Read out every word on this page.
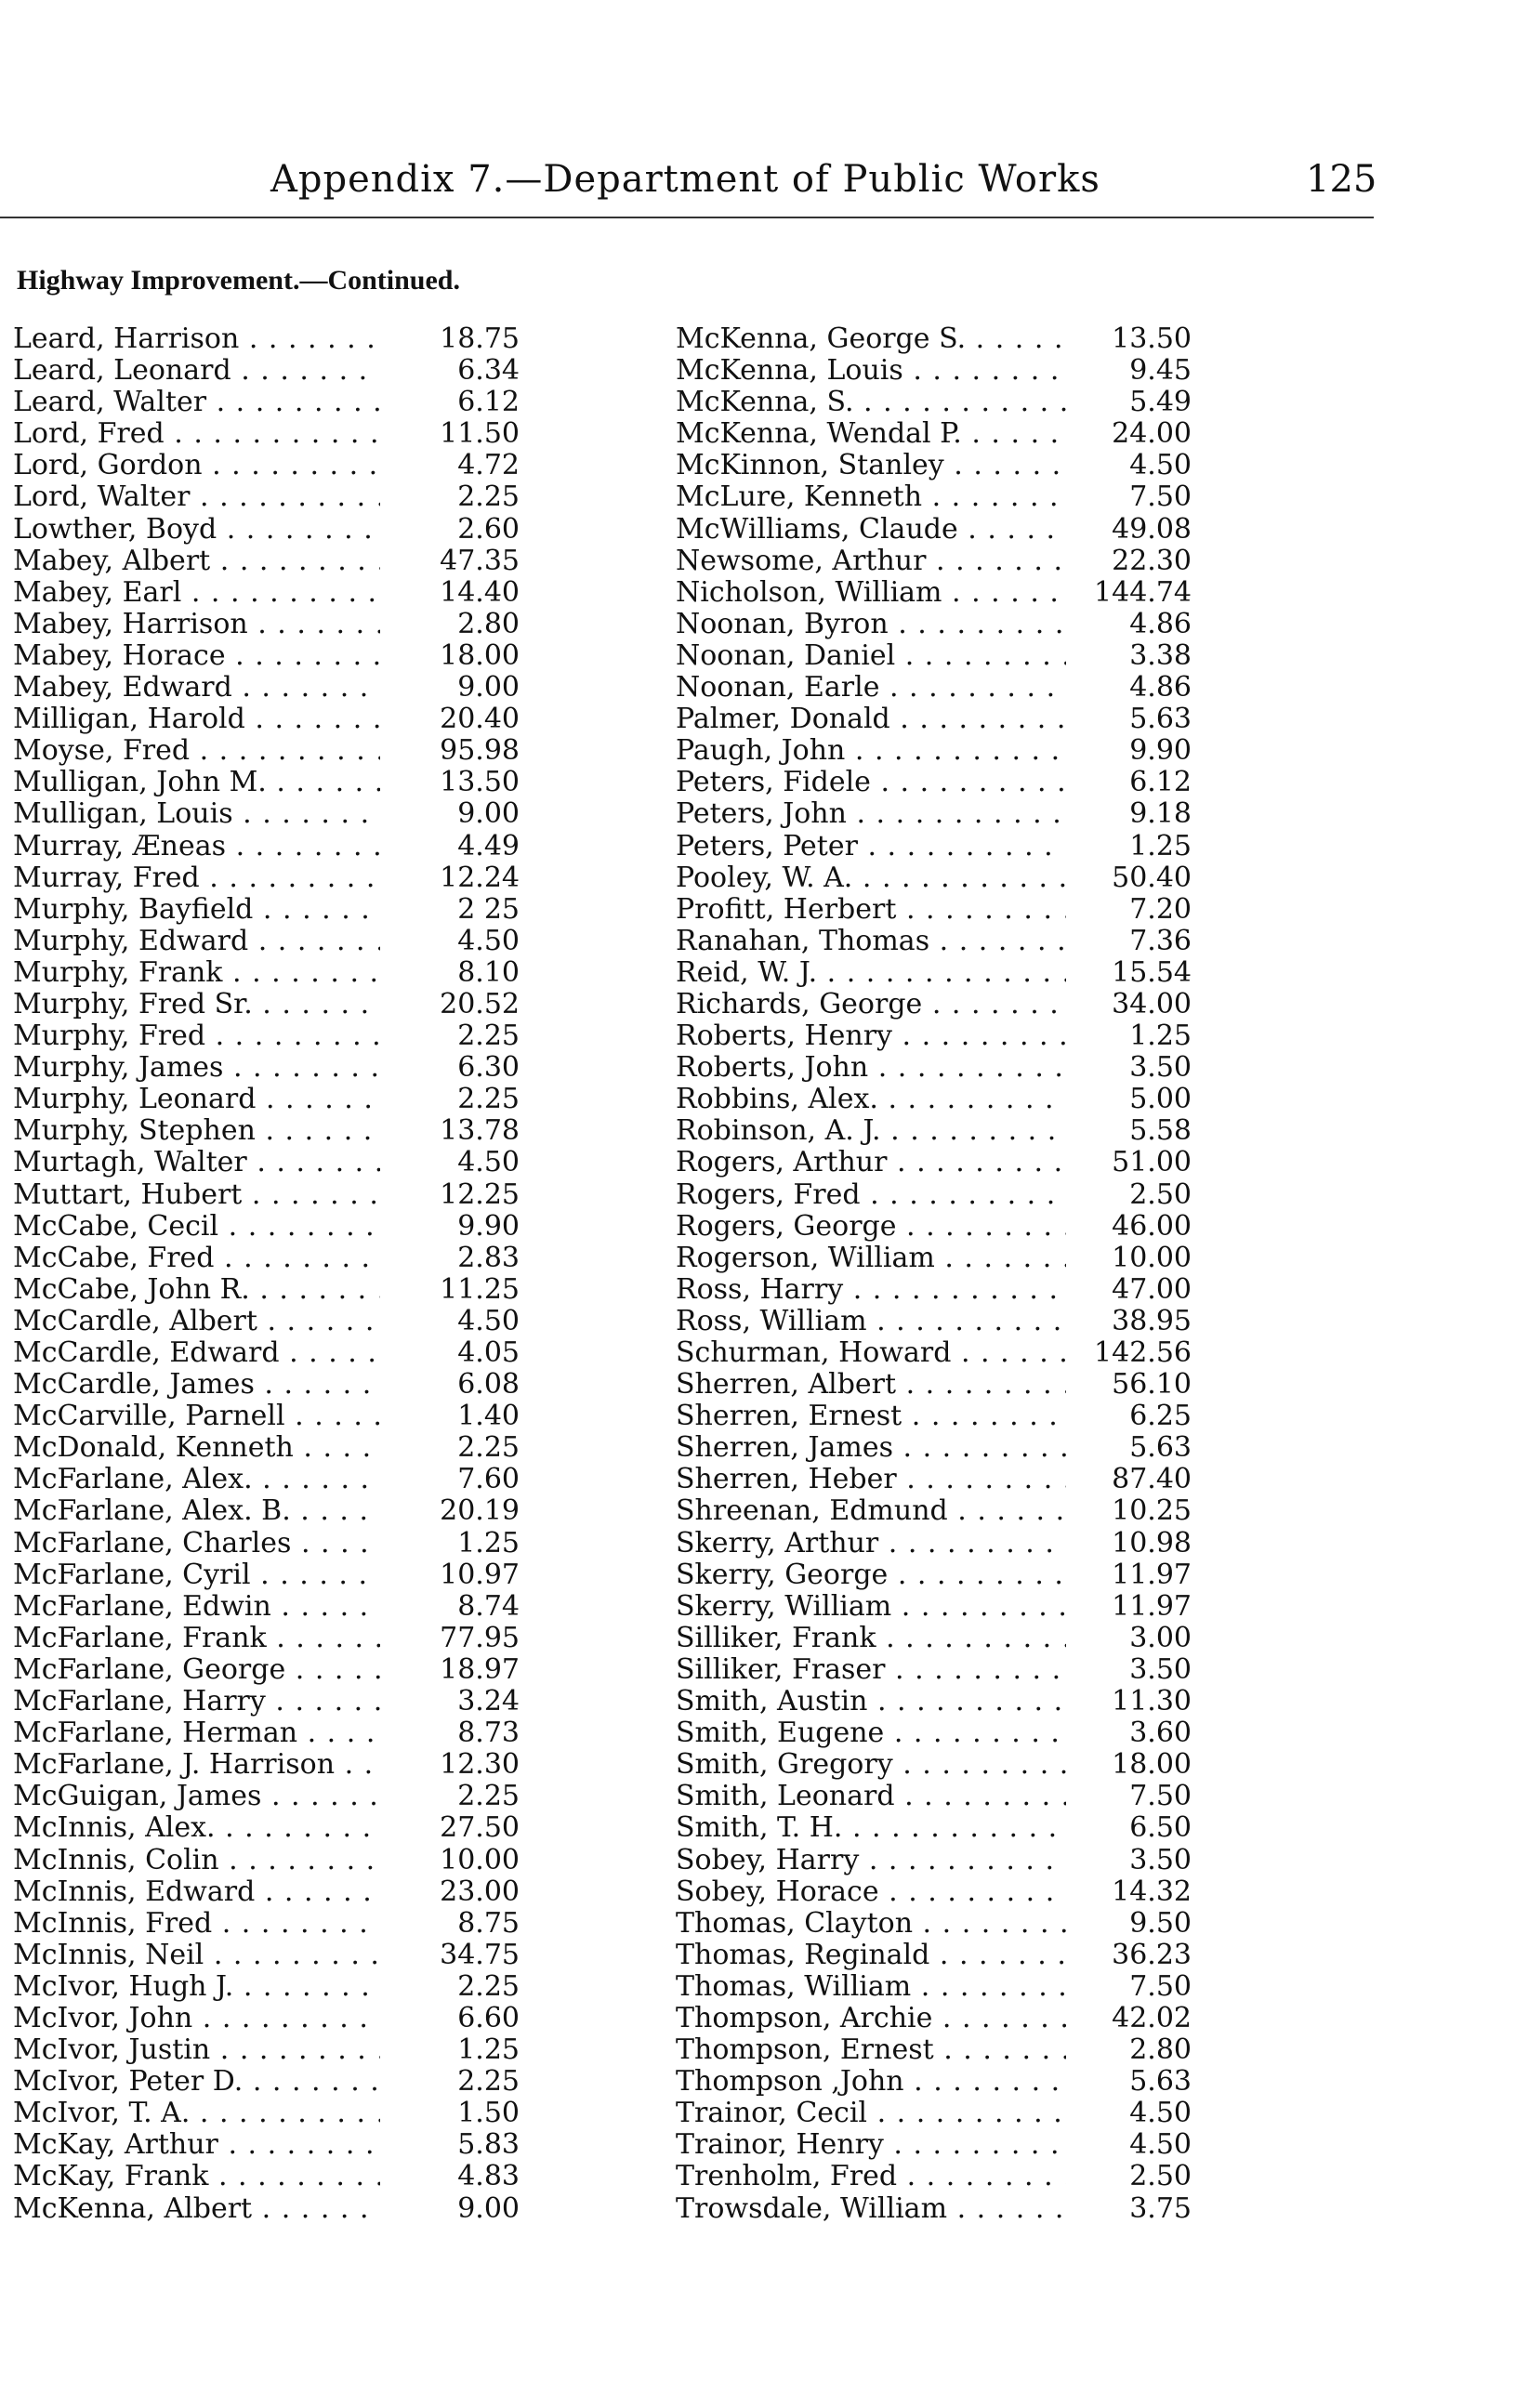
Appendix 7.—Department of Public Works	125
Highway Improvement.—Continued.
Leard, Harrison . . .	18.75
Leard, Leonard . . .	6.34
Leard, Walter . . .	6.12
Lord, Fred . . .	11.50
Lord, Gordon . . .	4.72
Lord, Walter . . .	2.25
Lowther, Boyd . . .	2.60
Mabey, Albert . . .	47.35
Mabey, Earl . . .	14.40
Mabey, Harrison . . .	2.80
Mabey, Horace . . .	18.00
Mabey, Edward . . .	9.00
Milligan, Harold . . .	20.40
Moyse, Fred . . .	95.98
Mulligan, John M. . . .	13.50
Mulligan, Louis . . .	9.00
Murray, Æneas . . .	4.49
Murray, Fred . . .	12.24
Murphy, Bayfield . . .	2 25
Murphy, Edward . . .	4.50
Murphy, Frank . . .	8.10
Murphy, Fred Sr. . . .	20.52
Murphy, Fred . . .	2.25
Murphy, James . . .	6.30
Murphy, Leonard . . .	2.25
Murphy, Stephen . . .	13.78
Murtagh, Walter . . .	4.50
Muttart, Hubert . . .	12.25
McCabe, Cecil . . .	9.90
McCabe, Fred . . .	2.83
McCabe, John R. . . .	11.25
McCardle, Albert . . .	4.50
McCardle, Edward . . .	4.05
McCardle, James . . .	6.08
McCarville, Parnell . . .	1.40
McDonald, Kenneth . . .	2.25
McFarlane, Alex. . . .	7.60
McFarlane, Alex. B. . . .	20.19
McFarlane, Charles . . .	1.25
McFarlane, Cyril . . .	10.97
McFarlane, Edwin . . .	8.74
McFarlane, Frank . . .	77.95
McFarlane, George . . .	18.97
McFarlane, Harry . . .	3.24
McFarlane, Herman . . .	8.73
McFarlane, J. Harrison . . .	12.30
McGuigan, James . . .	2.25
McInnis, Alex. . . .	27.50
McInnis, Colin . . .	10.00
McInnis, Edward . . .	23.00
McInnis, Fred . . .	8.75
McInnis, Neil . . .	34.75
McIvor, Hugh J. . . .	2.25
McIvor, John . . .	6.60
McIvor, Justin . . .	1.25
McIvor, Peter D. . . .	2.25
McIvor, T. A. . . .	1.50
McKay, Arthur . . .	5.83
McKay, Frank . . .	4.83
McKenna, Albert . . .	9.00
McKenna, George S. . . .	13.50
McKenna, Louis . . .	9.45
McKenna, S. . . .	5.49
McKenna, Wendal P. . . .	24.00
McKinnon, Stanley . . .	4.50
McLure, Kenneth . . .	7.50
McWilliams, Claude . . .	49.08
Newsome, Arthur . . .	22.30
Nicholson, William . . .	144.74
Noonan, Byron . . .	4.86
Noonan, Daniel . . .	3.38
Noonan, Earle . . .	4.86
Palmer, Donald . . .	5.63
Paugh, John . . .	9.90
Peters, Fidele . . .	6.12
Peters, John . . .	9.18
Peters, Peter . . .	1.25
Pooley, W. A. . . .	50.40
Profitt, Herbert . . .	7.20
Ranahan, Thomas . . .	7.36
Reid, W. J. . . .	15.54
Richards, George . . .	34.00
Roberts, Henry . . .	1.25
Roberts, John . . .	3.50
Robbins, Alex. . . .	5.00
Robinson, A. J. . . .	5.58
Rogers, Arthur . . .	51.00
Rogers, Fred . . .	2.50
Rogers, George . . .	46.00
Rogerson, William . . .	10.00
Ross, Harry . . .	47.00
Ross, William . . .	38.95
Schurman, Howard . . .	142.56
Sherren, Albert . . .	56.10
Sherren, Ernest . . .	6.25
Sherren, James . . .	5.63
Sherren, Heber . . .	87.40
Shreenan, Edmund . . .	10.25
Skerry, Arthur . . .	10.98
Skerry, George . . .	11.97
Skerry, William . . .	11.97
Silliker, Frank . . .	3.00
Silliker, Fraser . . .	3.50
Smith, Austin . . .	11.30
Smith, Eugene . . .	3.60
Smith, Gregory . . .	18.00
Smith, Leonard . . .	7.50
Smith, T. H. . . .	6.50
Sobey, Harry . . .	3.50
Sobey, Horace . . .	14.32
Thomas, Clayton . . .	9.50
Thomas, Reginald . . .	36.23
Thomas, William . . .	7.50
Thompson, Archie . . .	42.02
Thompson, Ernest . . .	2.80
Thompson ,John . . .	5.63
Trainor, Cecil . . .	4.50
Trainor, Henry . . .	4.50
Trenholm, Fred . . .	2.50
Trowsdale, William . . .	3.75
